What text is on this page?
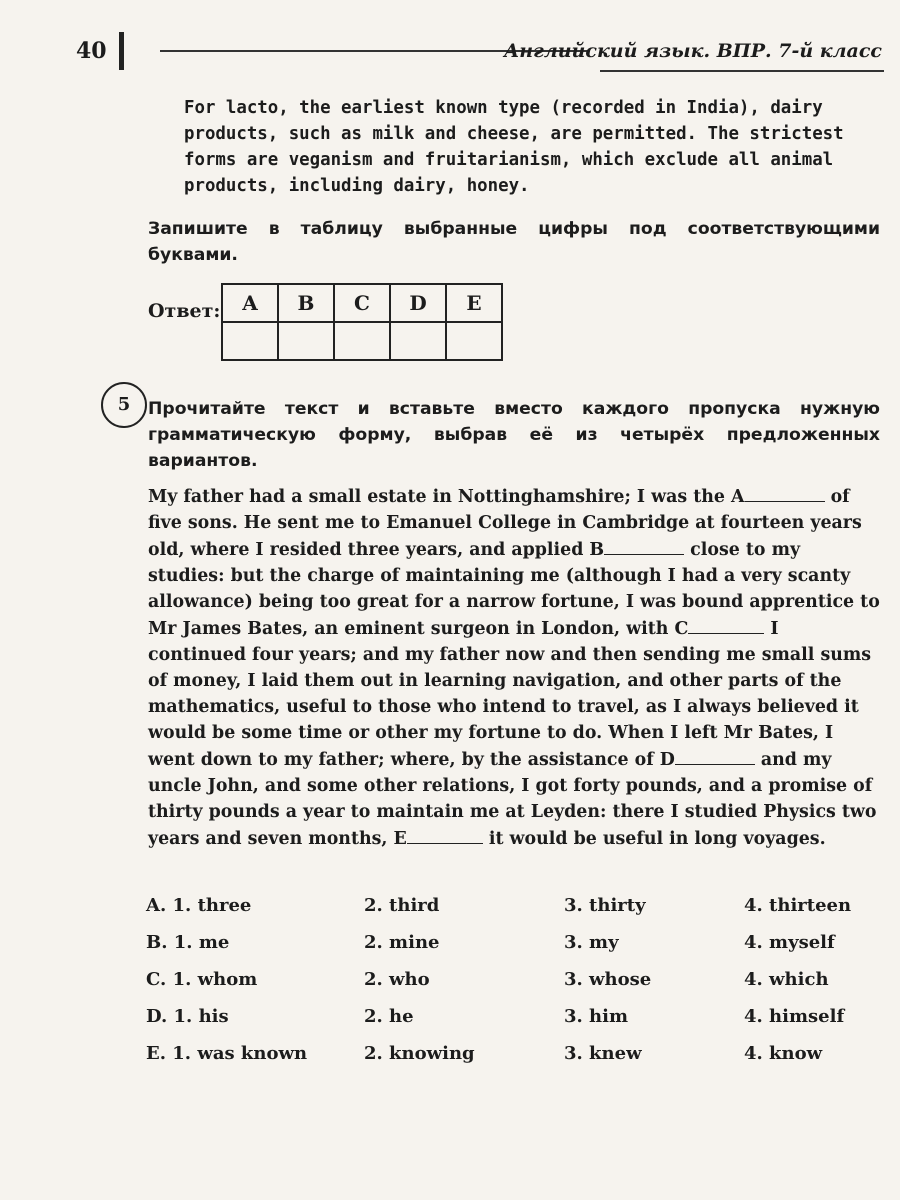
40	Английский язык. ВПР. 7-й класс

For lacto, the earliest known type (recorded in India), dairy products, such as milk and cheese, are permitted. The strictest forms are veganism and fruitarianism, which exclude all animal products, including dairy, honey.

Запишите в таблицу выбранные цифры под соответствующими буквами.

Ответ: A	B	C	D	E

5	Прочитайте текст и вставьте вместо каждого пропуска нужную грамматическую форму, выбрав её из четырёх предложенных вариантов.

My father had a small estate in Nottinghamshire; I was the A	of five sons. He sent me to Emanuel College in Cambridge at fourteen years old, where I resided three years, and applied B	close to my studies: but the charge of maintaining me (although I had a very scanty allowance) being too great for a narrow fortune, I was bound apprentice to Mr James Bates, an eminent surgeon in London, with C	I continued four years; and my father now and then sending me small sums of money, I laid them out in learning navigation, and other parts of the mathematics, useful to those who intend to travel, as I always believed it would be some time or other my fortune to do. When I left Mr Bates, I went down to my father; where, by the assistance of D	and my uncle John, and some other relations, I got forty pounds, and a promise of thirty pounds a year to maintain me at Leyden: there I studied Physics two years and seven months, E	it would be useful in long voyages.

A. 1. three	2. third	3. thirty	4. thirteen
B. 1. me	2. mine	3. my	4. myself
C. 1. whom	2. who	3. whose	4. which
D. 1. his	2. he	3. him	4. himself
E. 1. was known	2. knowing	3. knew	4. know
